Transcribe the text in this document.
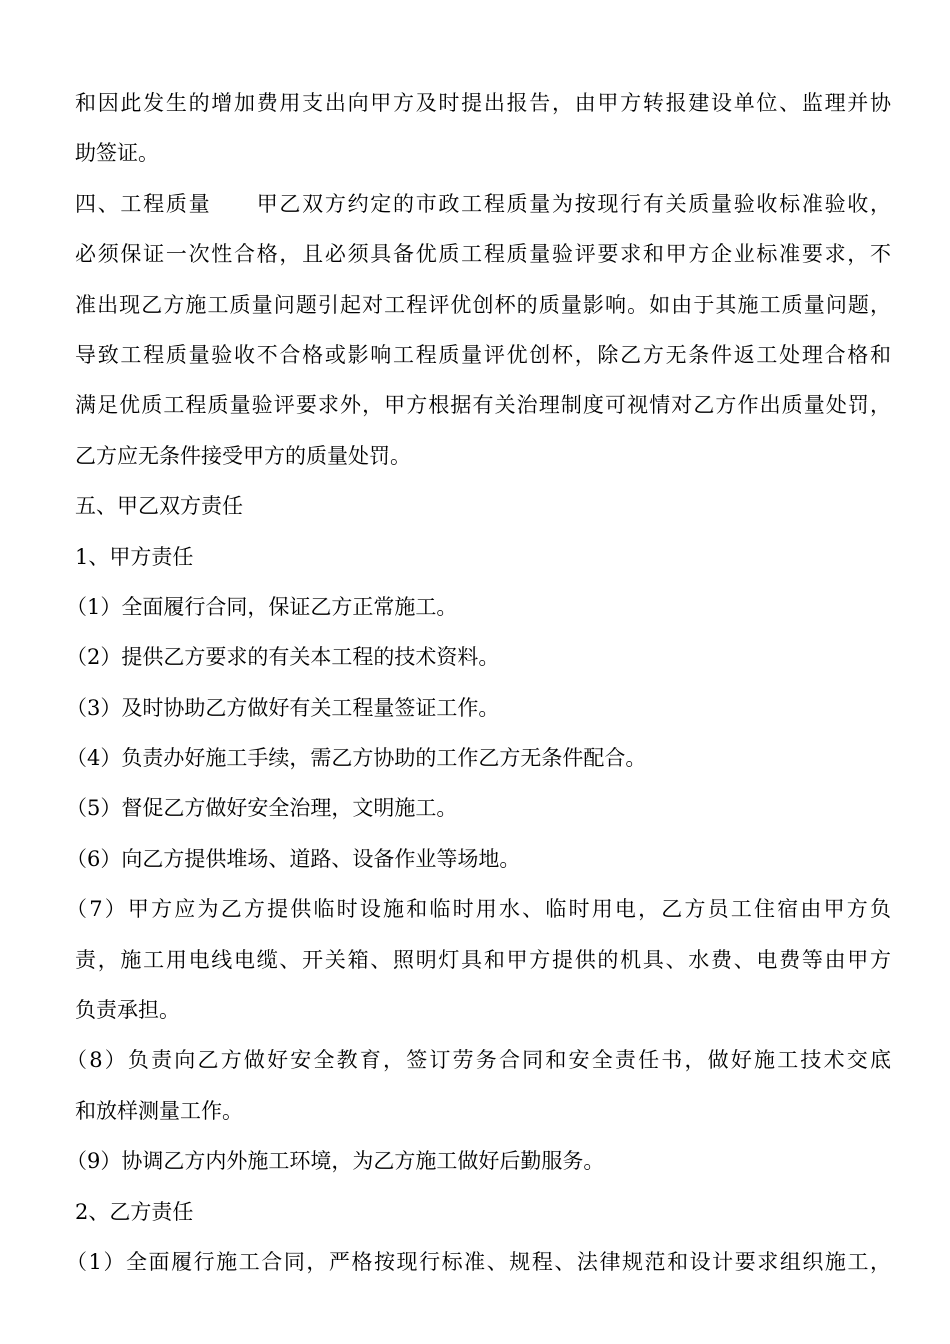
和因此发生的增加费用支出向甲方及时提出报告，由甲方转报建设单位、监理并协
助签证。
四、工程质量　　甲乙双方约定的市政工程质量为按现行有关质量验收标准验收，
必须保证一次性合格，且必须具备优质工程质量验评要求和甲方企业标准要求，不
准出现乙方施工质量问题引起对工程评优创杯的质量影响。如由于其施工质量问题，
导致工程质量验收不合格或影响工程质量评优创杯，除乙方无条件返工处理合格和
满足优质工程质量验评要求外，甲方根据有关治理制度可视情对乙方作出质量处罚，
乙方应无条件接受甲方的质量处罚。
五、甲乙双方责任
1、甲方责任
（1）全面履行合同，保证乙方正常施工。
（2）提供乙方要求的有关本工程的技术资料。
（3）及时协助乙方做好有关工程量签证工作。
（4）负责办好施工手续，需乙方协助的工作乙方无条件配合。
（5）督促乙方做好安全治理，文明施工。
（6）向乙方提供堆场、道路、设备作业等场地。
（7）甲方应为乙方提供临时设施和临时用水、临时用电，乙方员工住宿由甲方负
责，施工用电线电缆、开关箱、照明灯具和甲方提供的机具、水费、电费等由甲方
负责承担。
（8）负责向乙方做好安全教育，签订劳务合同和安全责任书，做好施工技术交底
和放样测量工作。
（9）协调乙方内外施工环境，为乙方施工做好后勤服务。
2、乙方责任
（1）全面履行施工合同，严格按现行标准、规程、法律规范和设计要求组织施工，
